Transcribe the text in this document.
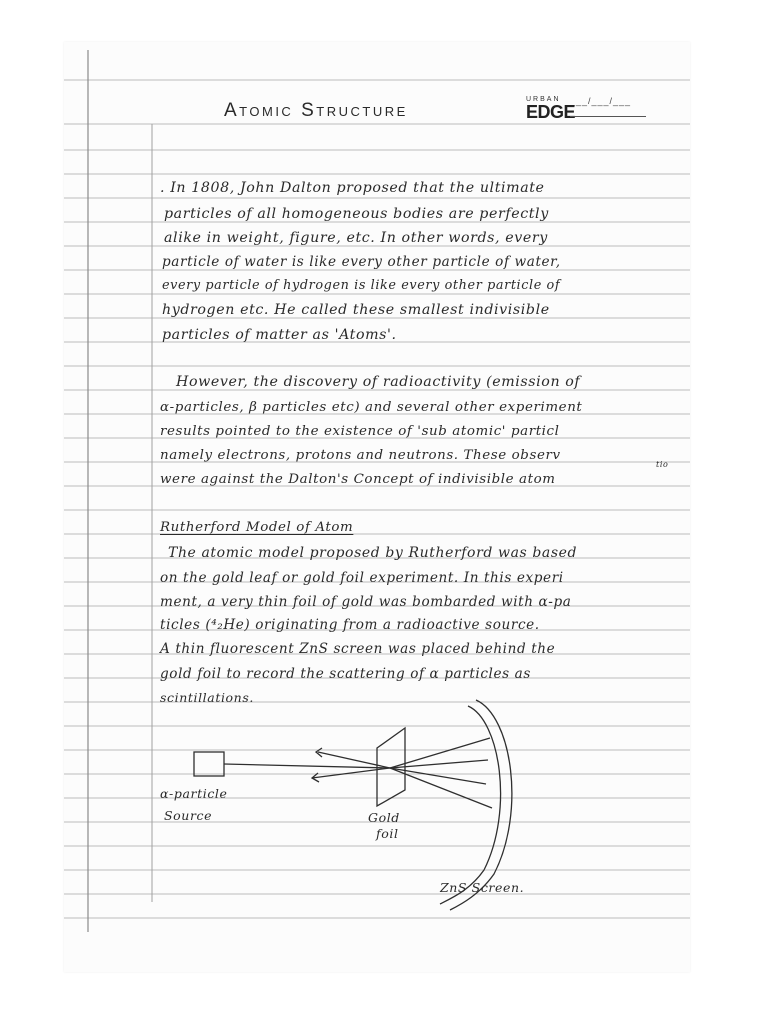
Atomic Structure
URBAN ___/___/___
EDGE
. In 1808, John Dalton proposed that the ultimate
particles of all homogeneous bodies are perfectly
alike in weight, figure, etc. In other words, every
particle of water is like every other particle of water,
every particle of hydrogen is like every other particle of
hydrogen etc. He called these smallest indivisible
particles of matter as 'Atoms'.
However, the discovery of radioactivity (emission of
α-particles, β particles etc) and several other experiment
results pointed to the existence of 'sub atomic' particl
namely electrons, protons and neutrons. These observ
tio
were against the Dalton's Concept of indivisible atom
Rutherford Model of Atom
The atomic model proposed by Rutherford was based
on the gold leaf or gold foil experiment. In this experi
ment, a very thin foil of gold was bombarded with α-pa
ticles (⁴₂He) originating from a radioactive source.
A thin fluorescent ZnS screen was placed behind the
gold foil to record the scattering of α particles as
scintillations.
α-particle
Source	Gold
foil
ZnS Screen.
